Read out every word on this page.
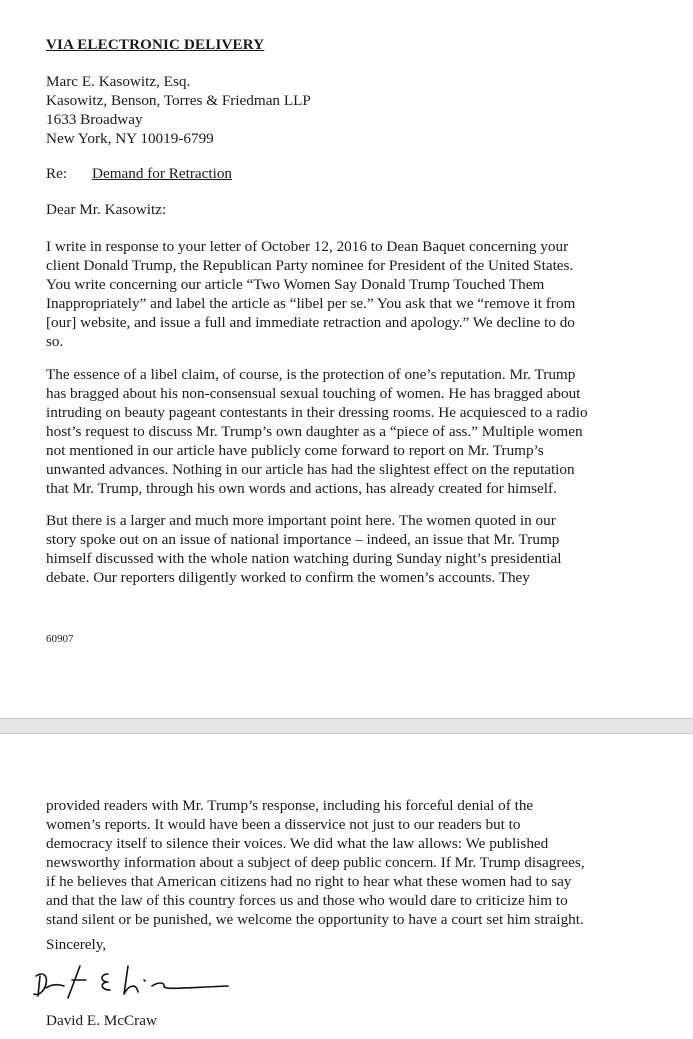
VIA ELECTRONIC DELIVERY
Marc E. Kasowitz, Esq.
Kasowitz, Benson, Torres & Friedman LLP
1633 Broadway
New York, NY 10019-6799
Re: Demand for Retraction
Dear Mr. Kasowitz:
I write in response to your letter of October 12, 2016 to Dean Baquet concerning your
client Donald Trump, the Republican Party nominee for President of the United States.
You write concerning our article “Two Women Say Donald Trump Touched Them
Inappropriately” and label the article as “libel per se.” You ask that we “remove it from
[our] website, and issue a full and immediate retraction and apology.” We decline to do
so.
The essence of a libel claim, of course, is the protection of one’s reputation. Mr. Trump
has bragged about his non-consensual sexual touching of women. He has bragged about
intruding on beauty pageant contestants in their dressing rooms. He acquiesced to a radio
host’s request to discuss Mr. Trump’s own daughter as a “piece of ass.” Multiple women
not mentioned in our article have publicly come forward to report on Mr. Trump’s
unwanted advances. Nothing in our article has had the slightest effect on the reputation
that Mr. Trump, through his own words and actions, has already created for himself.
But there is a larger and much more important point here. The women quoted in our
story spoke out on an issue of national importance – indeed, an issue that Mr. Trump
himself discussed with the whole nation watching during Sunday night’s presidential
debate. Our reporters diligently worked to confirm the women’s accounts. They
60907
provided readers with Mr. Trump’s response, including his forceful denial of the
women’s reports. It would have been a disservice not just to our readers but to
democracy itself to silence their voices. We did what the law allows: We published
newsworthy information about a subject of deep public concern. If Mr. Trump disagrees,
if he believes that American citizens had no right to hear what these women had to say
and that the law of this country forces us and those who would dare to criticize him to
stand silent or be punished, we welcome the opportunity to have a court set him straight.
Sincerely,
David E. McCraw
